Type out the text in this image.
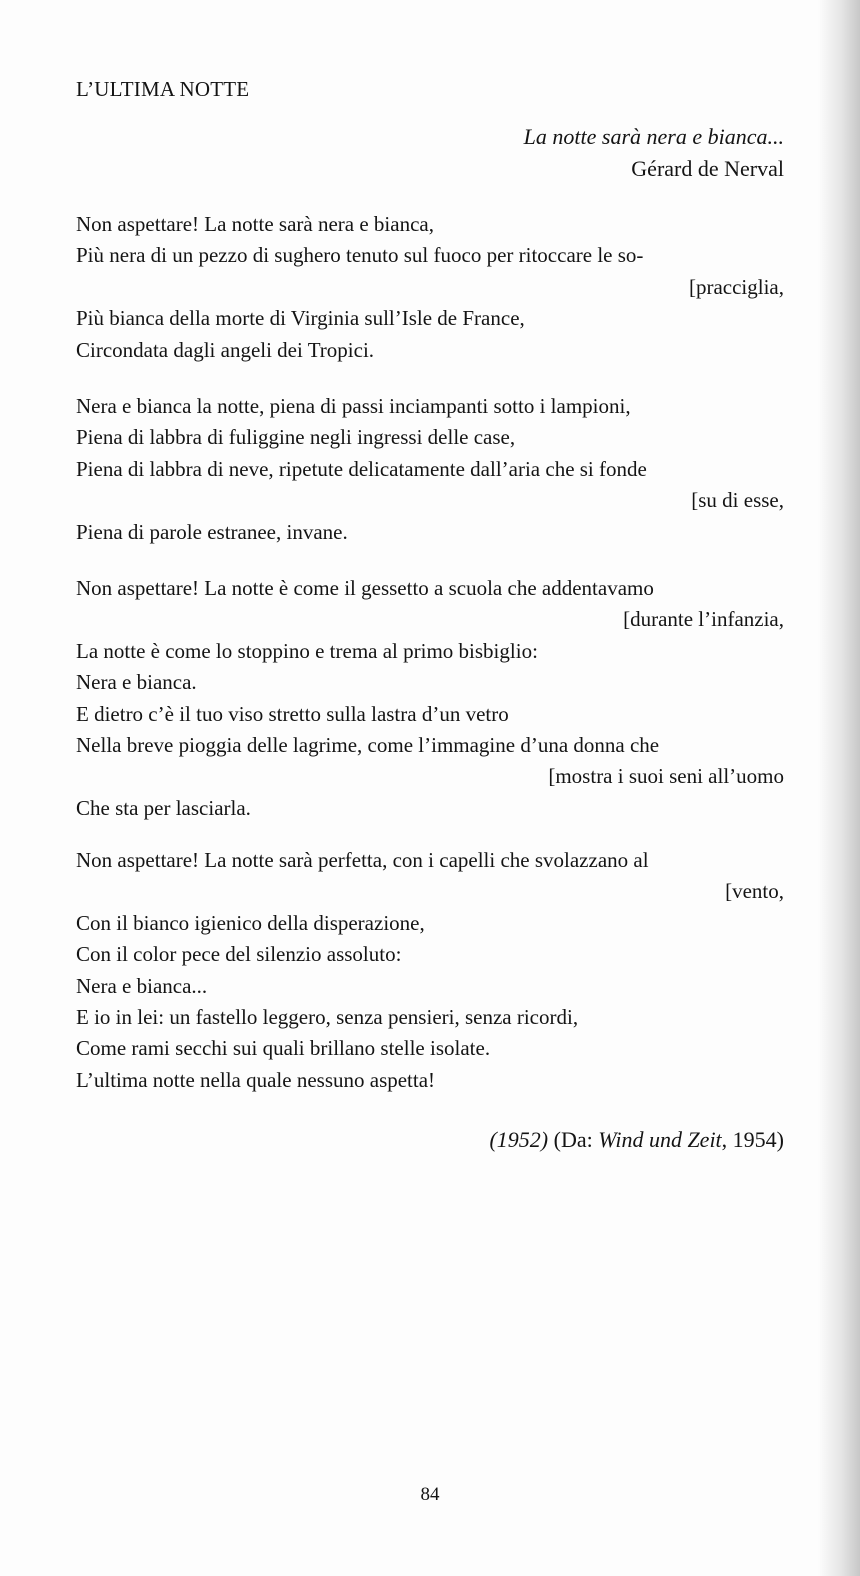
L’ULTIMA NOTTE
La notte sarà nera e bianca...
Gérard de Nerval
Non aspettare! La notte sarà nera e bianca,
Più nera di un pezzo di sughero tenuto sul fuoco per ritoccare le so-
[pracciglia,
Più bianca della morte di Virginia sull’Isle de France,
Circondata dagli angeli dei Tropici.
Nera e bianca la notte, piena di passi inciampanti sotto i lampioni,
Piena di labbra di fuliggine negli ingressi delle case,
Piena di labbra di neve, ripetute delicatamente dall’aria che si fonde
[su di esse,
Piena di parole estranee, invane.
Non aspettare! La notte è come il gessetto a scuola che addentavamo
[durante l’infanzia,
La notte è come lo stoppino e trema al primo bisbiglio:
Nera e bianca.
E dietro c’è il tuo viso stretto sulla lastra d’un vetro
Nella breve pioggia delle lagrime, come l’immagine d’una donna che
[mostra i suoi seni all’uomo
Che sta per lasciarla.
Non aspettare! La notte sarà perfetta, con i capelli che svolazzano al
[vento,
Con il bianco igienico della disperazione,
Con il color pece del silenzio assoluto:
Nera e bianca...
E io in lei: un fastello leggero, senza pensieri, senza ricordi,
Come rami secchi sui quali brillano stelle isolate.
L’ultima notte nella quale nessuno aspetta!
(1952) (Da: Wind und Zeit, 1954)
84
